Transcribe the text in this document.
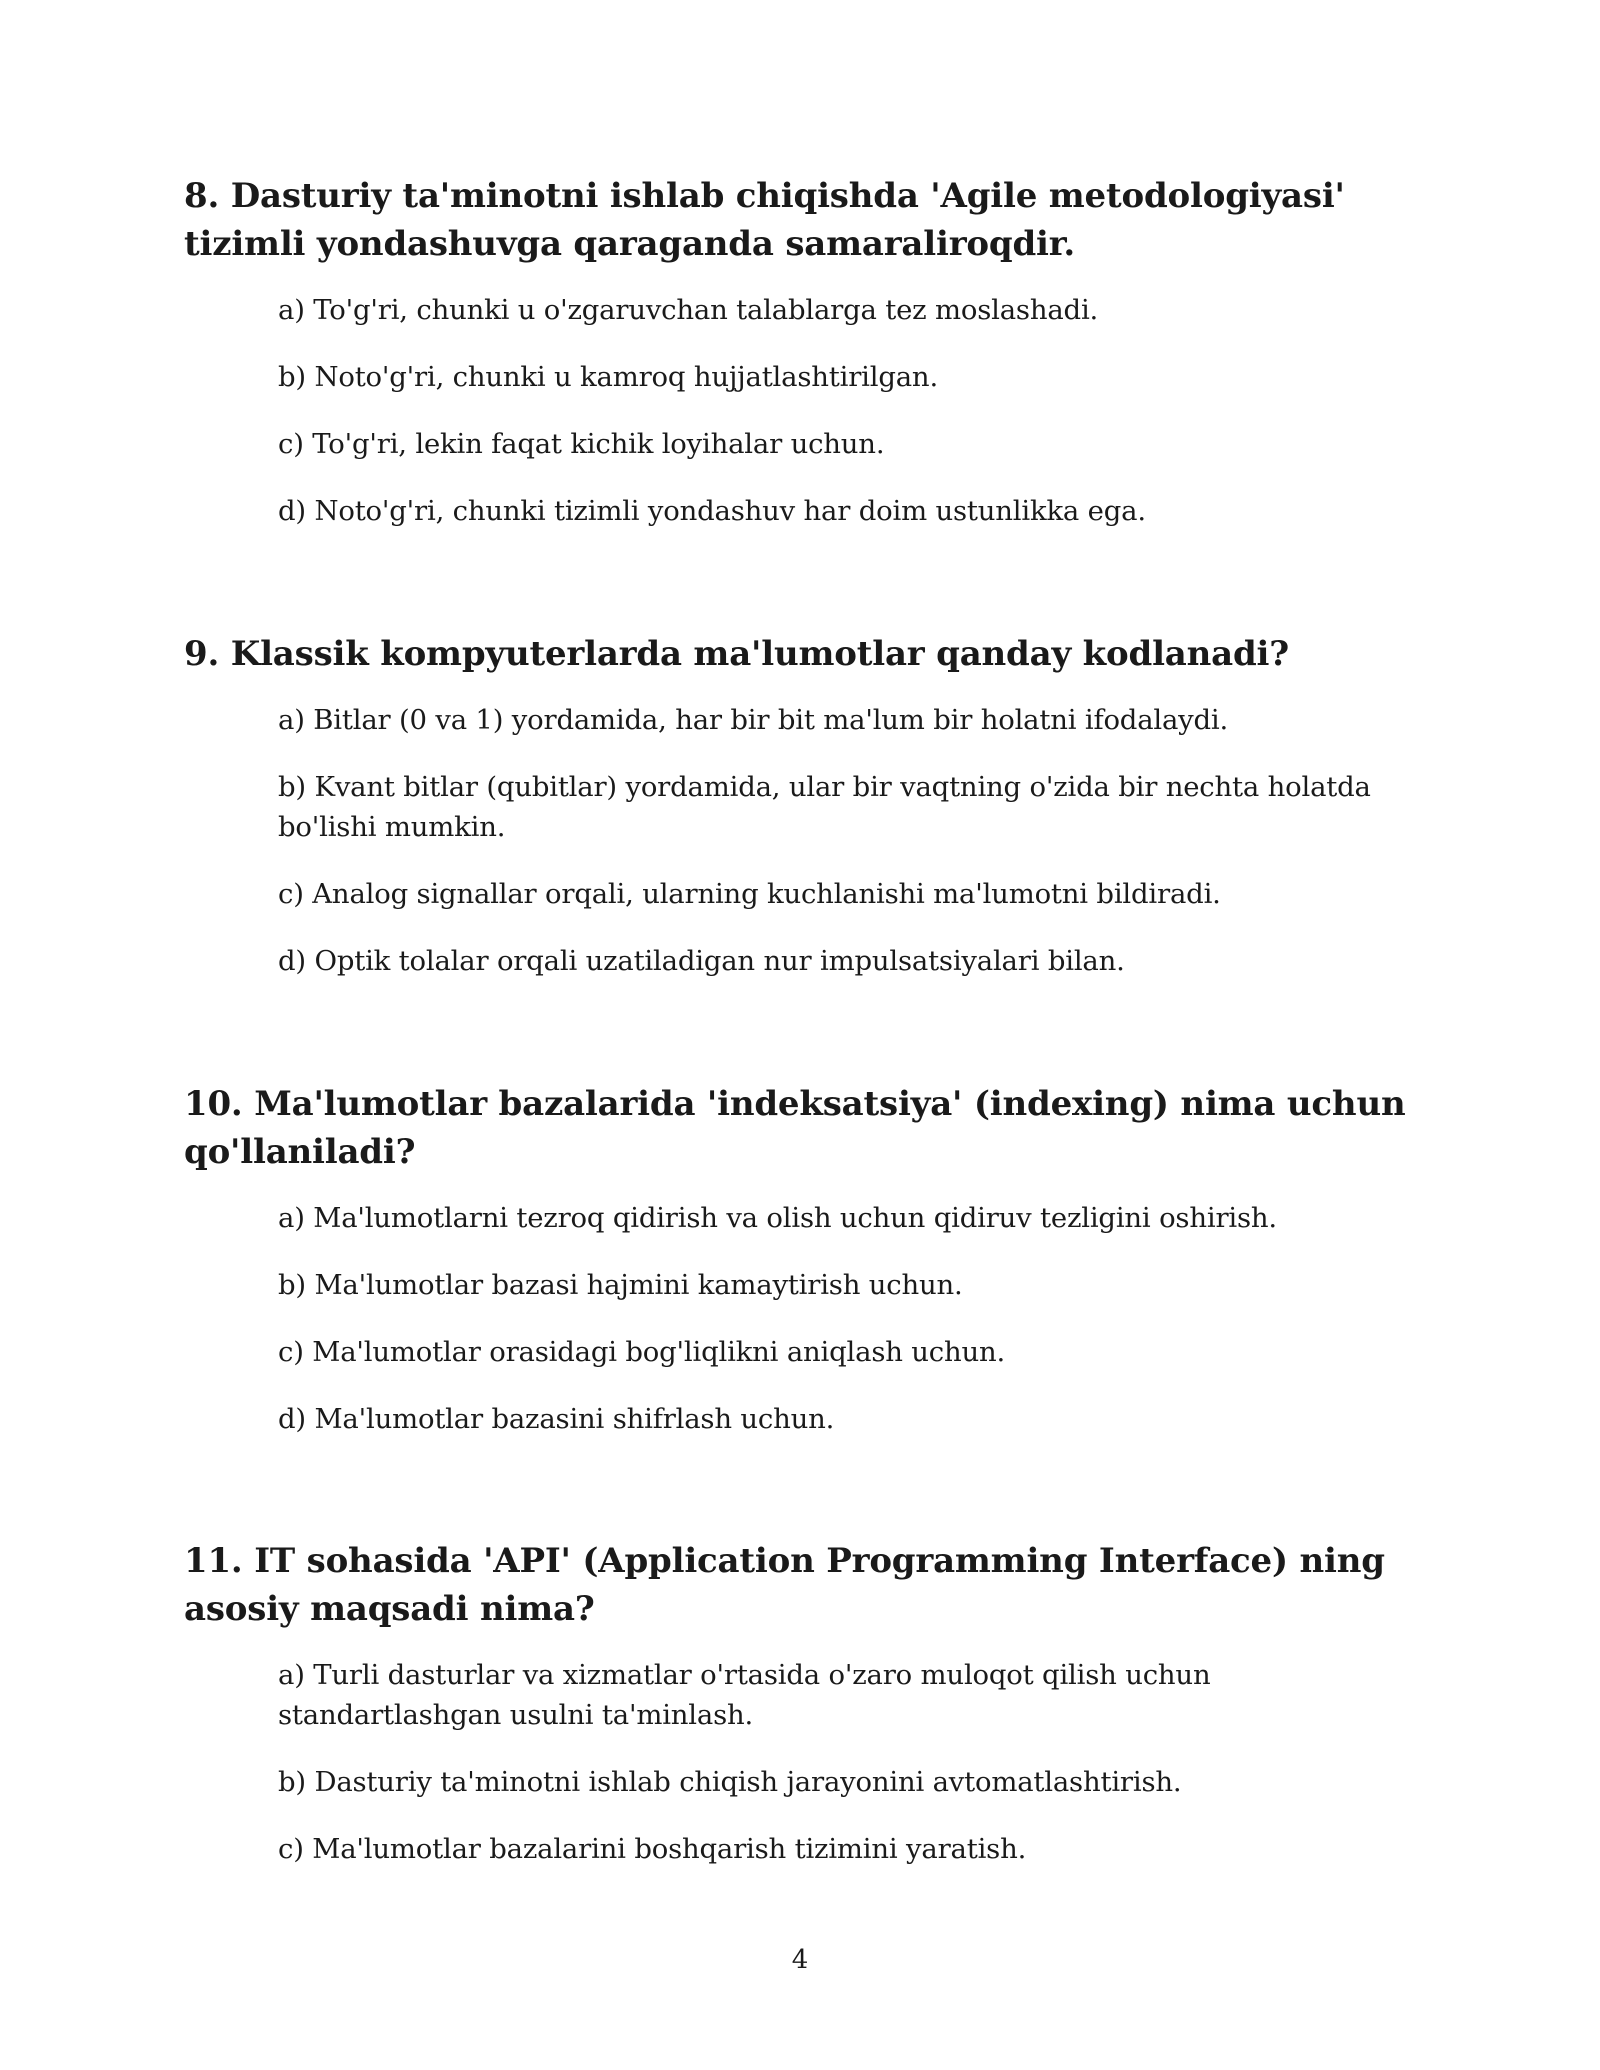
8. Dasturiy ta'minotni ishlab chiqishda 'Agile metodologiyasi' tizimli yondashuvga qaraganda samaraliroqdir.
a) To'g'ri, chunki u o'zgaruvchan talablarga tez moslashadi.
b) Noto'g'ri, chunki u kamroq hujjatlashtirilgan.
c) To'g'ri, lekin faqat kichik loyihalar uchun.
d) Noto'g'ri, chunki tizimli yondashuv har doim ustunlikka ega.
9. Klassik kompyuterlarda ma'lumotlar qanday kodlanadi?
a) Bitlar (0 va 1) yordamida, har bir bit ma'lum bir holatni ifodalaydi.
b) Kvant bitlar (qubitlar) yordamida, ular bir vaqtning o'zida bir nechta holatda bo'lishi mumkin.
c) Analog signallar orqali, ularning kuchlanishi ma'lumotni bildiradi.
d) Optik tolalar orqali uzatiladigan nur impulsatsiyalari bilan.
10. Ma'lumotlar bazalarida 'indeksatsiya' (indexing) nima uchun qo'llaniladi?
a) Ma'lumotlarni tezroq qidirish va olish uchun qidiruv tezligini oshirish.
b) Ma'lumotlar bazasi hajmini kamaytirish uchun.
c) Ma'lumotlar orasidagi bog'liqlikni aniqlash uchun.
d) Ma'lumotlar bazasini shifrlash uchun.
11. IT sohasida 'API' (Application Programming Interface) ning asosiy maqsadi nima?
a) Turli dasturlar va xizmatlar o'rtasida o'zaro muloqot qilish uchun standartlashgan usulni ta'minlash.
b) Dasturiy ta'minotni ishlab chiqish jarayonini avtomatlashtirish.
c) Ma'lumotlar bazalarini boshqarish tizimini yaratish.
4
